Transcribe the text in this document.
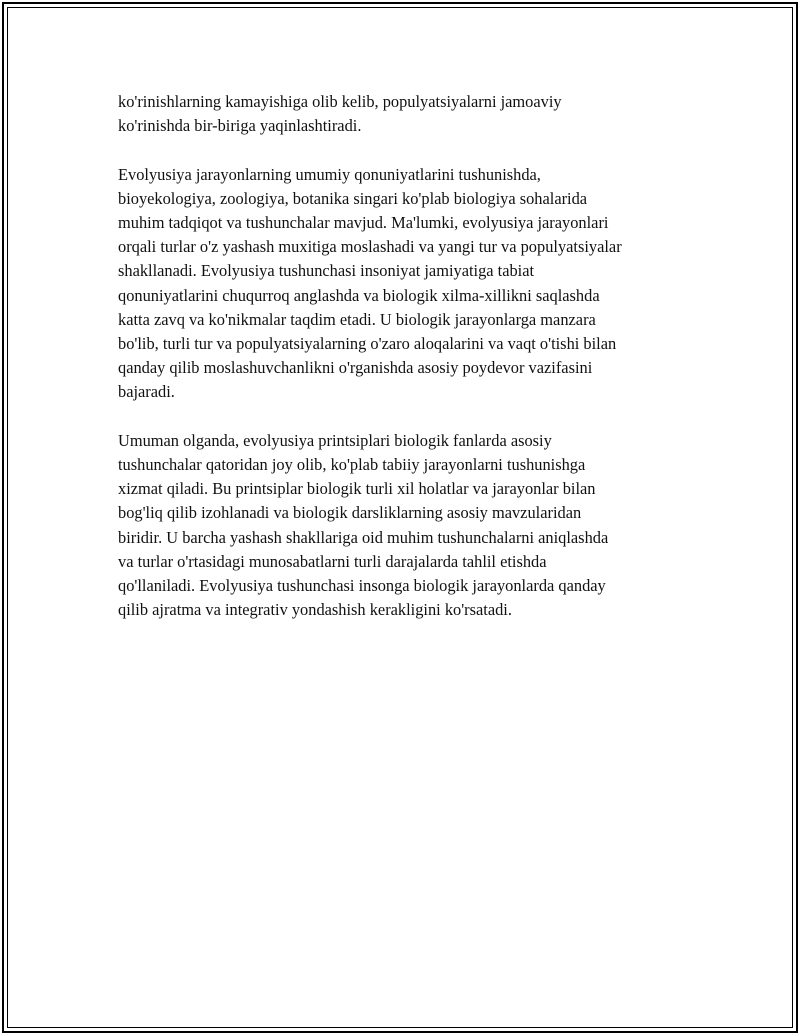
ko'rinishlarning kamayishiga olib kelib, populyatsiyalarni jamoaviy
ko'rinishda bir-biriga yaqinlashtiradi.

Evolyusiya jarayonlarning umumiy qonuniyatlarini tushunishda,
bioyekologiya, zoologiya, botanika singari ko'plab biologiya sohalarida
muhim tadqiqot va tushunchalar mavjud. Ma'lumki, evolyusiya jarayonlari
orqali turlar o'z yashash muxitiga moslashadi va yangi tur va populyatsiyalar
shakllanadi. Evolyusiya tushunchasi insoniyat jamiyatiga tabiat
qonuniyatlarini chuqurroq anglashda va biologik xilma-xillikni saqlashda
katta zavq va ko'nikmalar taqdim etadi. U biologik jarayonlarga manzara
bo'lib, turli tur va populyatsiyalarning o'zaro aloqalarini va vaqt o'tishi bilan
qanday qilib moslashuvchanlikni o'rganishda asosiy poydevor vazifasini
bajaradi.

Umuman olganda, evolyusiya printsiplari biologik fanlarda asosiy
tushunchalar qatoridan joy olib, ko'plab tabiiy jarayonlarni tushunishga
xizmat qiladi. Bu printsiplar biologik turli xil holatlar va jarayonlar bilan
bog'liq qilib izohlanadi va biologik darsliklarning asosiy mavzularidan
biridir. U barcha yashash shakllariga oid muhim tushunchalarni aniqlashda
va turlar o'rtasidagi munosabatlarni turli darajalarda tahlil etishda
qo'llaniladi. Evolyusiya tushunchasi insonga biologik jarayonlarda qanday
qilib ajratma va integrativ yondashish kerakligini ko'rsatadi.
